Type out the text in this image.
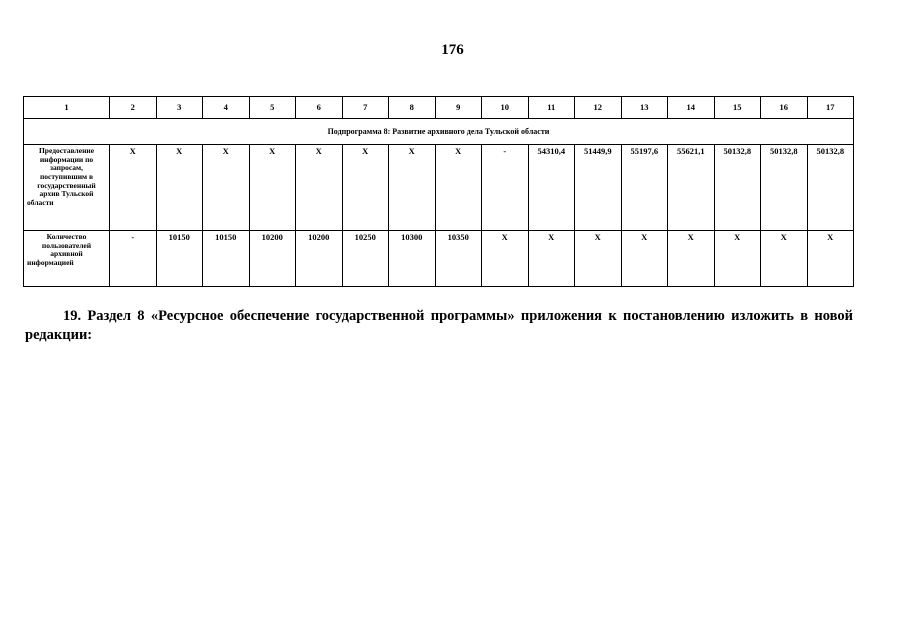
176
1	2	3	4	5	6	7	8	9	10	11	12	13	14	15	16	17
Подпрограмма 8: Развитие архивного дела Тульской области																
Предоставление информации по запросам, поступившим в государственный архив Тульской области	X	X	X	X	X	X	X	X	-	54310,4	51449,9	55197,6	55621,1	50132,8	50132,8	50132,8
Количество пользователей архивной информацией	-	10150	10150	10200	10200	10250	10300	10350	X	X	X	X	X	X	X	X
19. Раздел 8 «Ресурсное обеспечение государственной программы» приложения к постановлению изложить в новой редакции:
